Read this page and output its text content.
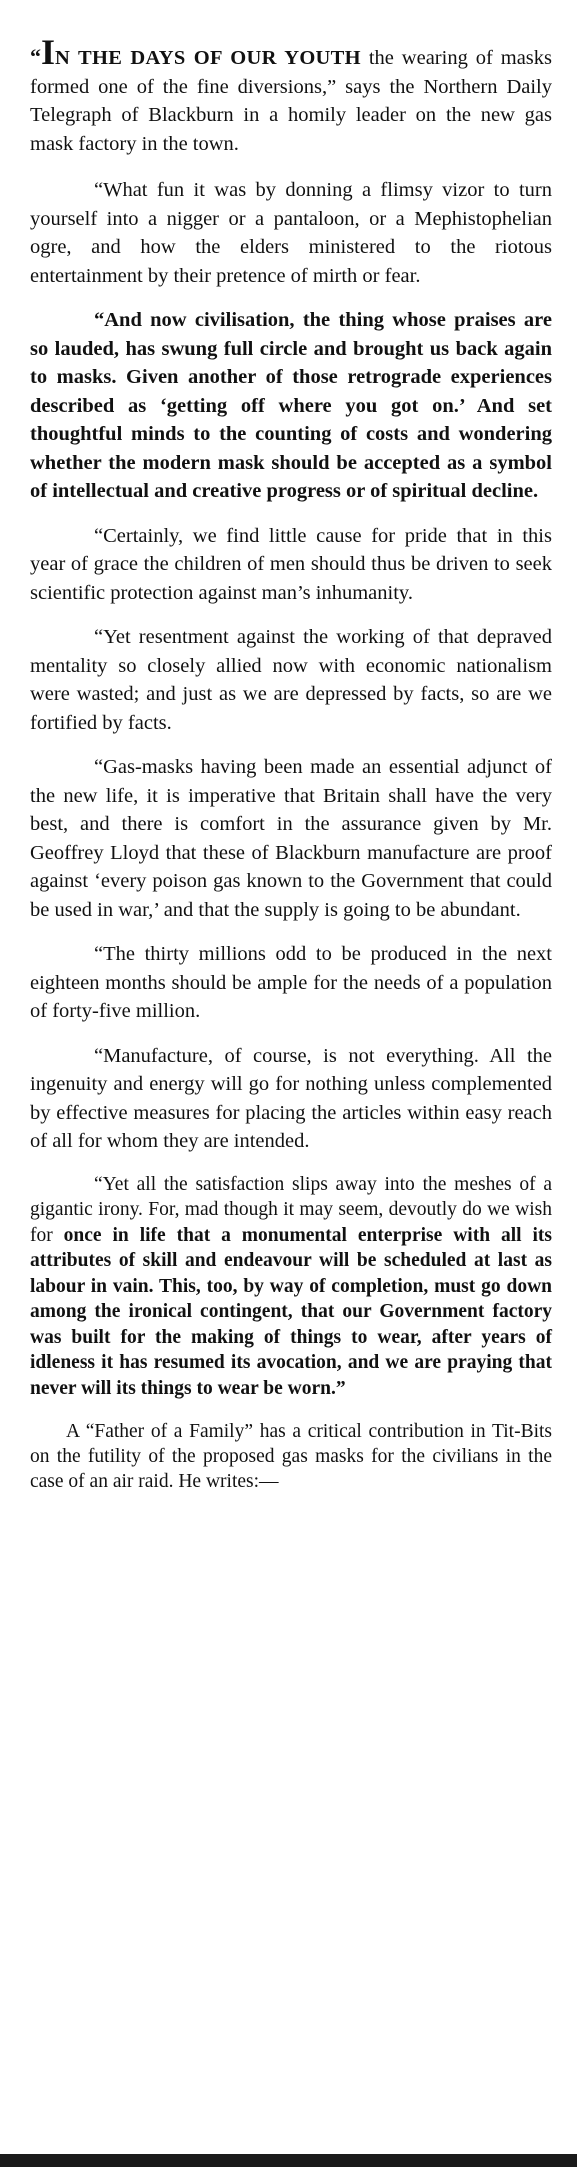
“IN THE DAYS OF OUR YOUTH the wearing of masks formed one of the fine diversions,” says the Northern Daily Telegraph of Blackburn in a homily leader on the new gas mask factory in the town.

“What fun it was by donning a flimsy vizor to turn yourself into a nigger or a pantaloon, or a Mephistophelian ogre, and how the elders ministered to the riotous entertainment by their pretence of mirth or fear.

“And now civilisation, the thing whose praises are so lauded, has swung full circle and brought us back again to masks. Given another of those retrograde experiences described as ‘getting off where you got on.’ And set thoughtful minds to the counting of costs and wondering whether the modern mask should be accepted as a symbol of intellectual and creative progress or of spiritual decline.

“Certainly, we find little cause for pride that in this year of grace the children of men should thus be driven to seek scientific protection against man’s inhumanity.

“Yet resentment against the working of that depraved mentality so closely allied now with economic nationalism were wasted; and just as we are depressed by facts, so are we fortified by facts.

“Gas-masks having been made an essential adjunct of the new life, it is imperative that Britain shall have the very best, and there is comfort in the assurance given by Mr. Geoffrey Lloyd that these of Blackburn manufacture are proof against ‘every poison gas known to the Government that could be used in war,’ and that the supply is going to be abundant.

“The thirty millions odd to be produced in the next eighteen months should be ample for the needs of a population of forty-five million.

“Manufacture, of course, is not everything. All the ingenuity and energy will go for nothing unless complemented by effective measures for placing the articles within easy reach of all for whom they are intended.

“Yet all the satisfaction slips away into the meshes of a gigantic irony. For, mad though it may seem, devoutly do we wish for once in life that a monumental enterprise with all its attributes of skill and endeavour will be scheduled at last as labour in vain. This, too, by way of completion, must go down among the ironical contingent, that our Government factory was built for the making of things to wear, after years of idleness it has resumed its avocation, and we are praying that never will its things to wear be worn.”

A “Father of a Family” has a critical contribution in Tit-Bits on the futility of the proposed gas masks for the civilians in the case of an air raid. He writes:—
